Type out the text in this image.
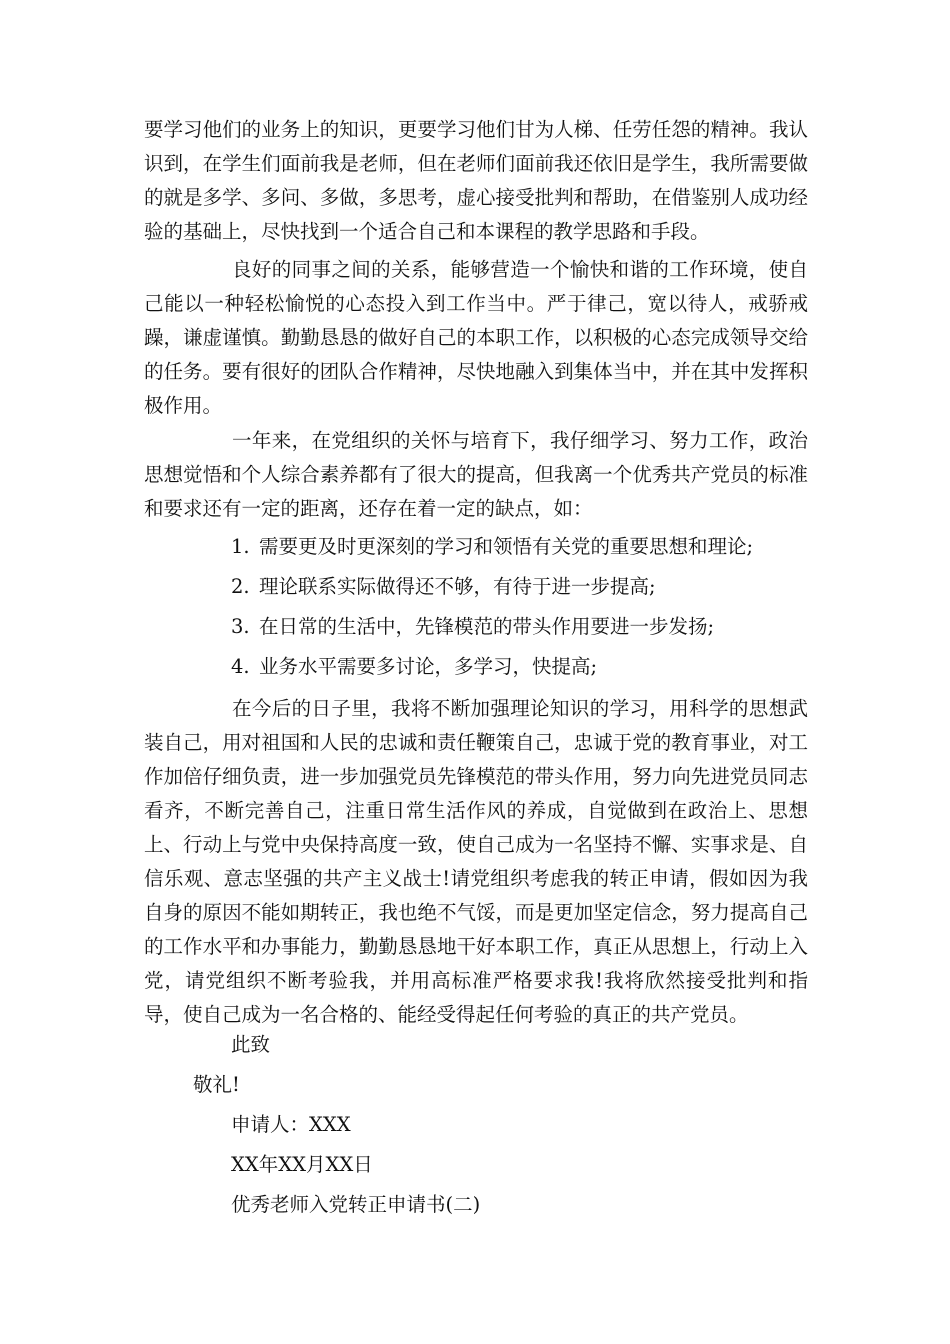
要学习他们的业务上的知识，更要学习他们甘为人梯、任劳任怨的精神。我认识到，在学生们面前我是老师，但在老师们面前我还依旧是学生，我所需要做的就是多学、多问、多做，多思考，虚心接受批判和帮助，在借鉴别人成功经验的基础上，尽快找到一个适合自己和本课程的教学思路和手段。

良好的同事之间的关系，能够营造一个愉快和谐的工作环境，使自己能以一种轻松愉悦的心态投入到工作当中。严于律己，宽以待人，戒骄戒躁，谦虚谨慎。勤勤恳恳的做好自己的本职工作，以积极的心态完成领导交给的任务。要有很好的团队合作精神，尽快地融入到集体当中，并在其中发挥积极作用。

一年来，在党组织的关怀与培育下，我仔细学习、努力工作，政治思想觉悟和个人综合素养都有了很大的提高，但我离一个优秀共产党员的标准和要求还有一定的距离，还存在着一定的缺点，如：

1. 需要更及时更深刻的学习和领悟有关党的重要思想和理论;
2. 理论联系实际做得还不够，有待于进一步提高;
3. 在日常的生活中，先锋模范的带头作用要进一步发扬;
4. 业务水平需要多讨论，多学习，快提高;

在今后的日子里，我将不断加强理论知识的学习，用科学的思想武装自己，用对祖国和人民的忠诚和责任鞭策自己，忠诚于党的教育事业，对工作加倍仔细负责，进一步加强党员先锋模范的带头作用，努力向先进党员同志看齐，不断完善自己，注重日常生活作风的养成，自觉做到在政治上、思想上、行动上与党中央保持高度一致，使自己成为一名坚持不懈、实事求是、自信乐观、意志坚强的共产主义战士!请党组织考虑我的转正申请，假如因为我自身的原因不能如期转正，我也绝不气馁，而是更加坚定信念，努力提高自己的工作水平和办事能力，勤勤恳恳地干好本职工作，真正从思想上，行动上入党，请党组织不断考验我，并用高标准严格要求我!我将欣然接受批判和指导，使自己成为一名合格的、能经受得起任何考验的真正的共产党员。

此致
敬礼!
申请人：XXX
XX年XX月XX日
优秀老师入党转正申请书(二)
